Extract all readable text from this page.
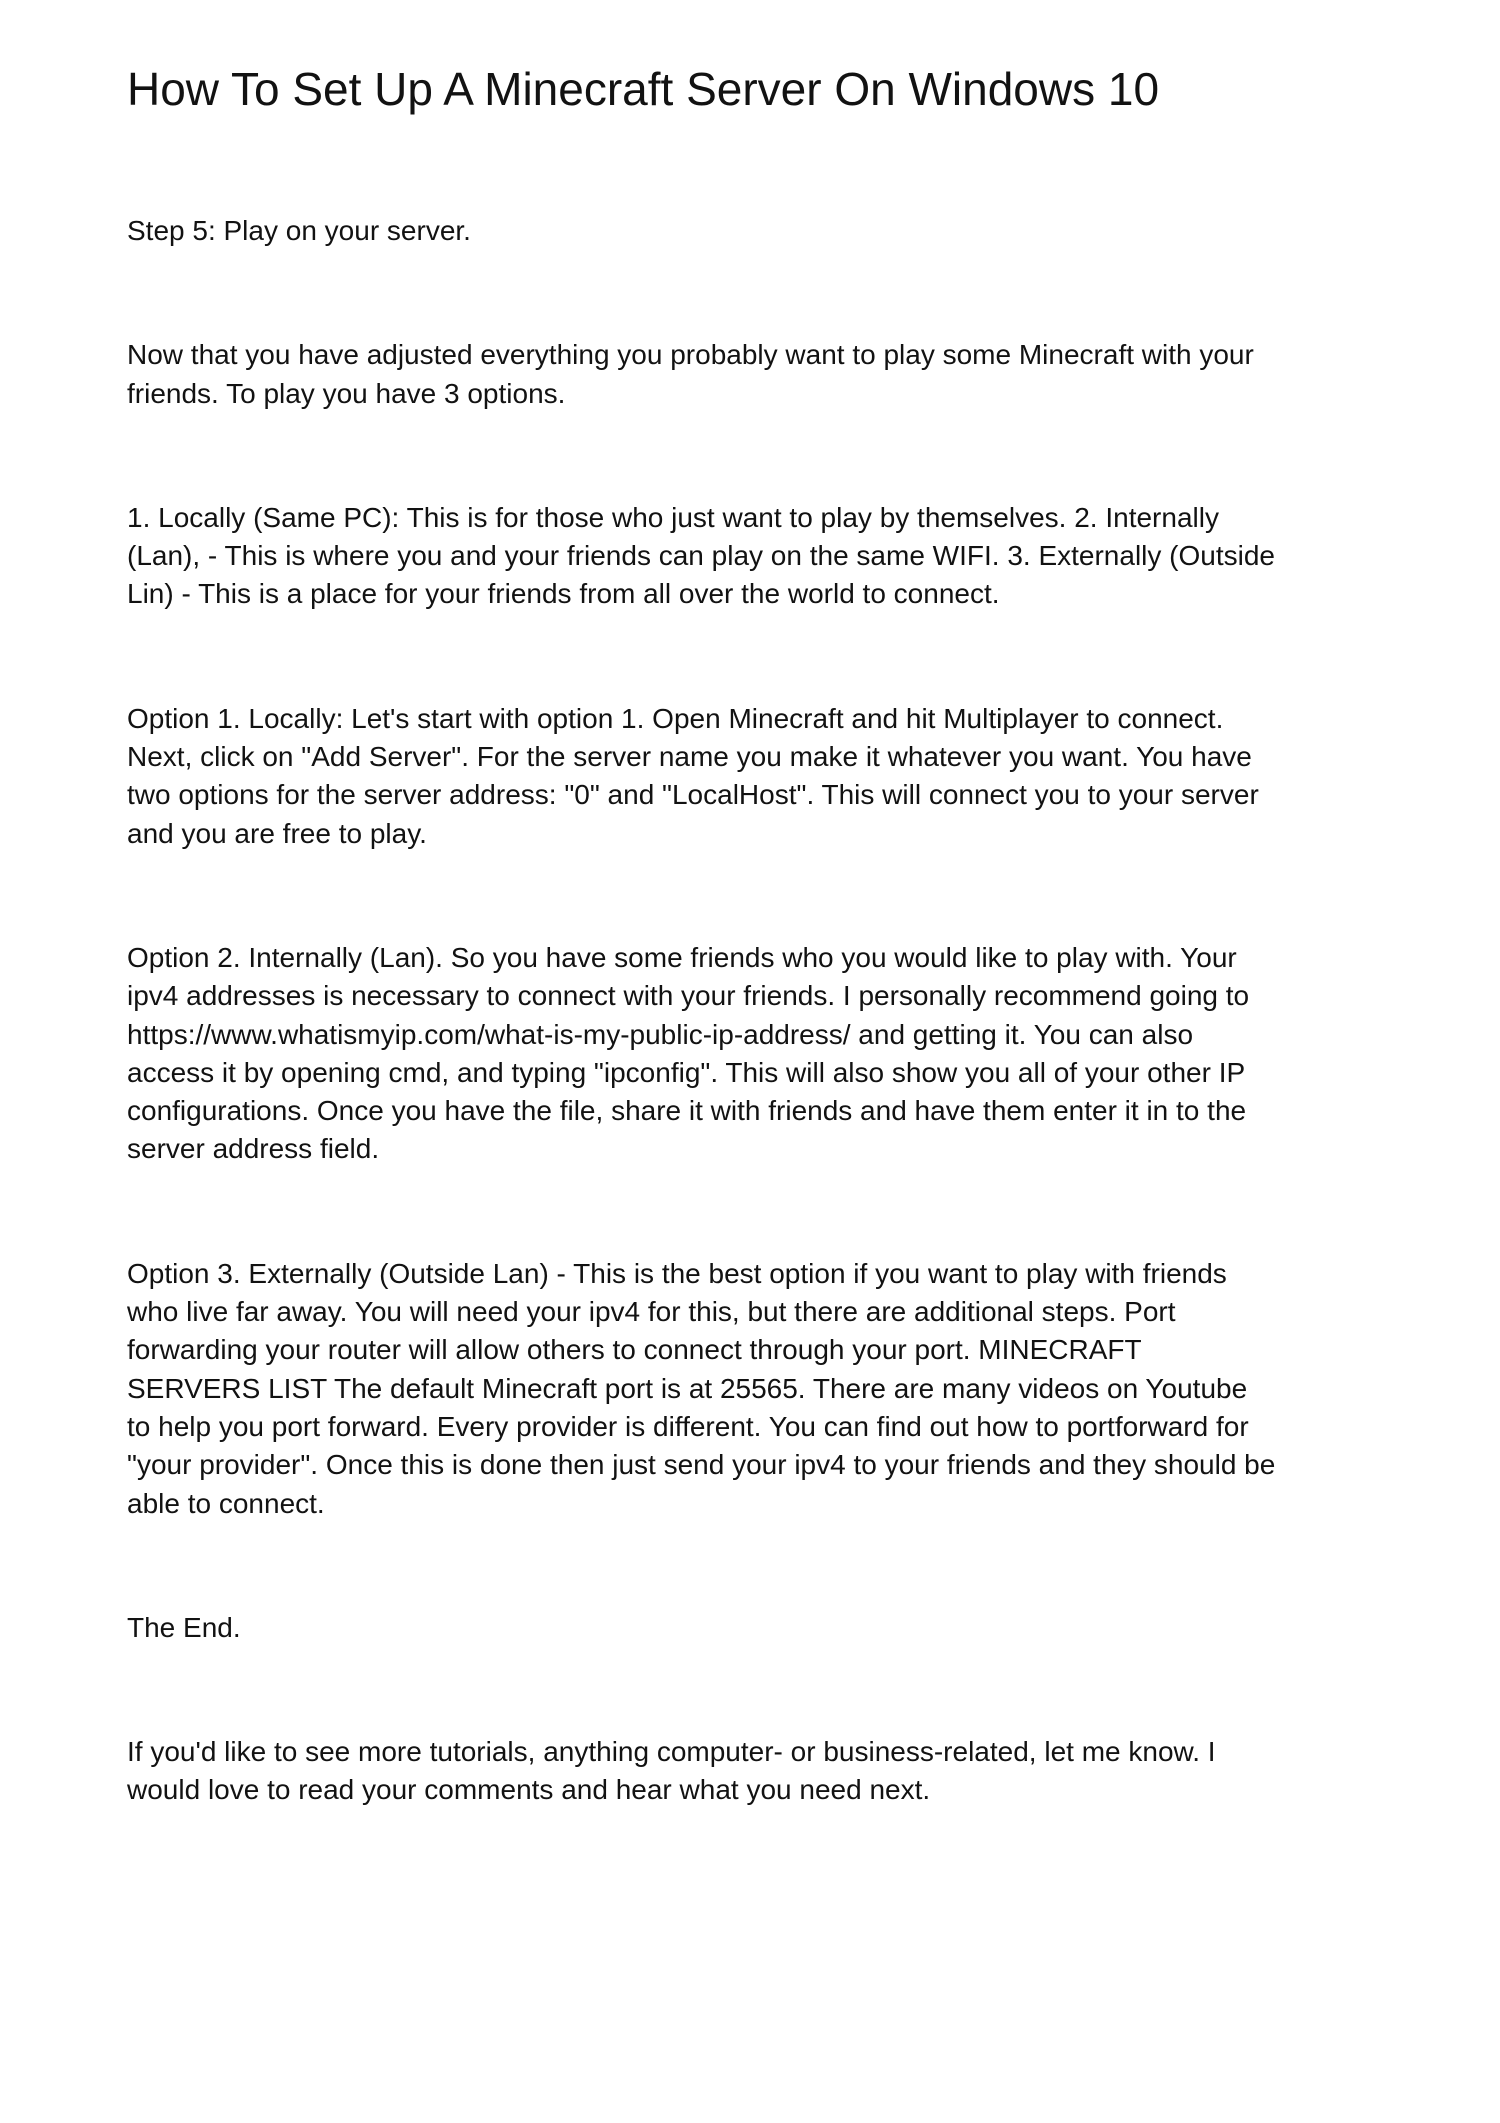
How To Set Up A Minecraft Server On Windows 10

Step 5: Play on your server.

Now that you have adjusted everything you probably want to play some Minecraft with your
friends. To play you have 3 options.

1. Locally (Same PC): This is for those who just want to play by themselves. 2. Internally
(Lan), - This is where you and your friends can play on the same WIFI. 3. Externally (Outside
Lin) - This is a place for your friends from all over the world to connect.

Option 1. Locally: Let's start with option 1. Open Minecraft and hit Multiplayer to connect.
Next, click on "Add Server". For the server name you make it whatever you want. You have
two options for the server address: "0" and "LocalHost". This will connect you to your server
and you are free to play.

Option 2. Internally (Lan). So you have some friends who you would like to play with. Your
ipv4 addresses is necessary to connect with your friends. I personally recommend going to
https://www.whatismyip.com/what-is-my-public-ip-address/ and getting it. You can also
access it by opening cmd, and typing "ipconfig". This will also show you all of your other IP
configurations. Once you have the file, share it with friends and have them enter it in to the
server address field.

Option 3. Externally (Outside Lan) - This is the best option if you want to play with friends
who live far away. You will need your ipv4 for this, but there are additional steps. Port
forwarding your router will allow others to connect through your port. MINECRAFT
SERVERS LIST The default Minecraft port is at 25565. There are many videos on Youtube
to help you port forward. Every provider is different. You can find out how to portforward for
"your provider". Once this is done then just send your ipv4 to your friends and they should be
able to connect.

The End.

If you'd like to see more tutorials, anything computer- or business-related, let me know. I
would love to read your comments and hear what you need next.
